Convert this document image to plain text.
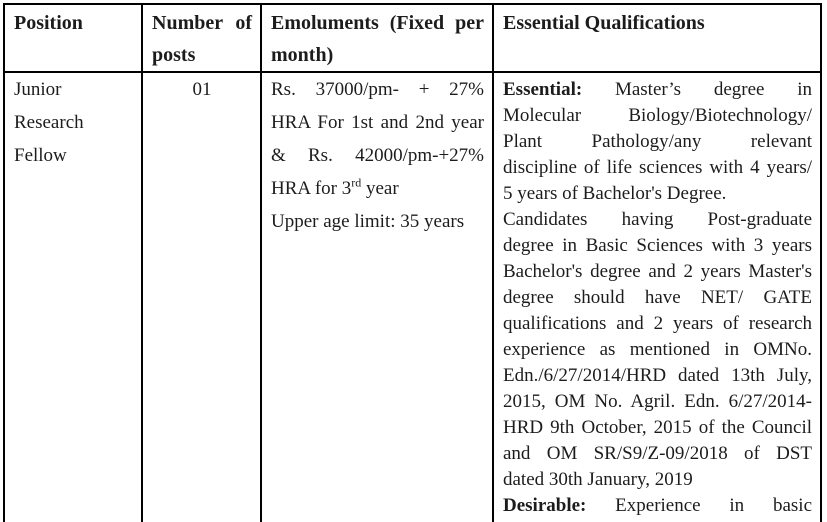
Position	Number of posts
Emoluments (Fixed per month)
Essential Qualifications
Junior
Research
Fellow
01	Rs. 37000/pm- + 27%
HRA For 1st and 2nd year
& Rs. 42000/pm-+27%
HRA for 3rd year
Upper age limit: 35 years
Essential: Master’s degree in
Molecular Biology/Biotechnology/
Plant Pathology/any relevant
discipline of life sciences with 4 years/
5 years of Bachelor's Degree.
Candidates having Post-graduate
degree in Basic Sciences with 3 years
Bachelor's degree and 2 years Master's
degree should have NET/ GATE
qualifications and 2 years of research
experience as mentioned in OMNo.
Edn./6/27/2014/HRD dated 13th July,
2015, OM No. Agril. Edn. 6/27/2014-
HRD 9th October, 2015 of the Council
and OM SR/S9/Z-09/2018 of DST
dated 30th January, 2019
Desirable: Experience in basic
